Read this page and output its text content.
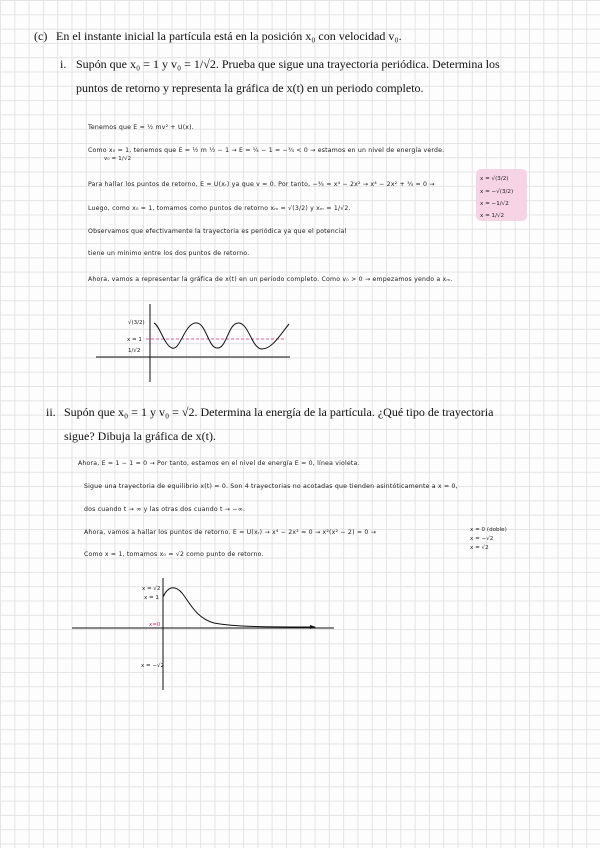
(c) En el instante inicial la partícula está en la posición x₀ con velocidad v₀.
i. Supón que x₀ = 1 y v₀ = 1/√2. Prueba que sigue una trayectoria periódica. Determina los
puntos de retorno y representa la gráfica de x(t) en un periodo completo.
Tenemos que E = ½ mv² + U(x).
Como x₀ = 1, tenemos que E = ½ m ½ − 1 → E = ¼ − 1 = −¾ < 0 → estamos en un nivel de energía verde.
v₀ = 1/√2
Para hallar los puntos de retorno, E = U(xᵣ) ya que v = 0. Por tanto, −¾ = x⁴ − 2x² → x⁴ − 2x² + ¾ = 0 →
Luego, como x₀ = 1, tomamos como puntos de retorno xₘ = √(3/2) y xₘ = 1/√2.
Observamos que efectivamente la trayectoria es periódica ya que el potencial
tiene un mínimo entre los dos puntos de retorno.
Ahora, vamos a representar la gráfica de x(t) en un periodo completo. Como v₀ > 0 → empezamos yendo a xₘ.
x = √(3/2)
x = −√(3/2)
x = −1/√2
x = 1/√2
√(3/2)
x = 1
1/√2
ii. Supón que x₀ = 1 y v₀ = √2. Determina la energía de la partícula. ¿Qué tipo de trayectoria
sigue? Dibuja la gráfica de x(t).
Ahora, E = 1 − 1 = 0 → Por tanto, estamos en el nivel de energía E = 0, línea violeta.
Sigue una trayectoria de equilibrio x(t) = 0. Son 4 trayectorias no acotadas que tienden asintóticamente a x = 0,
dos cuando t → ∞ y las otras dos cuando t → −∞.
Ahora, vamos a hallar los puntos de retorno. E = U(xᵣ) → x⁴ − 2x² = 0 → x²(x² − 2) = 0 →
Como x = 1, tomamos x₀ = √2 como punto de retorno.
x = 0 (doble)
x = −√2
x = √2
x = √2
x = 1
x=0
x = −√2
